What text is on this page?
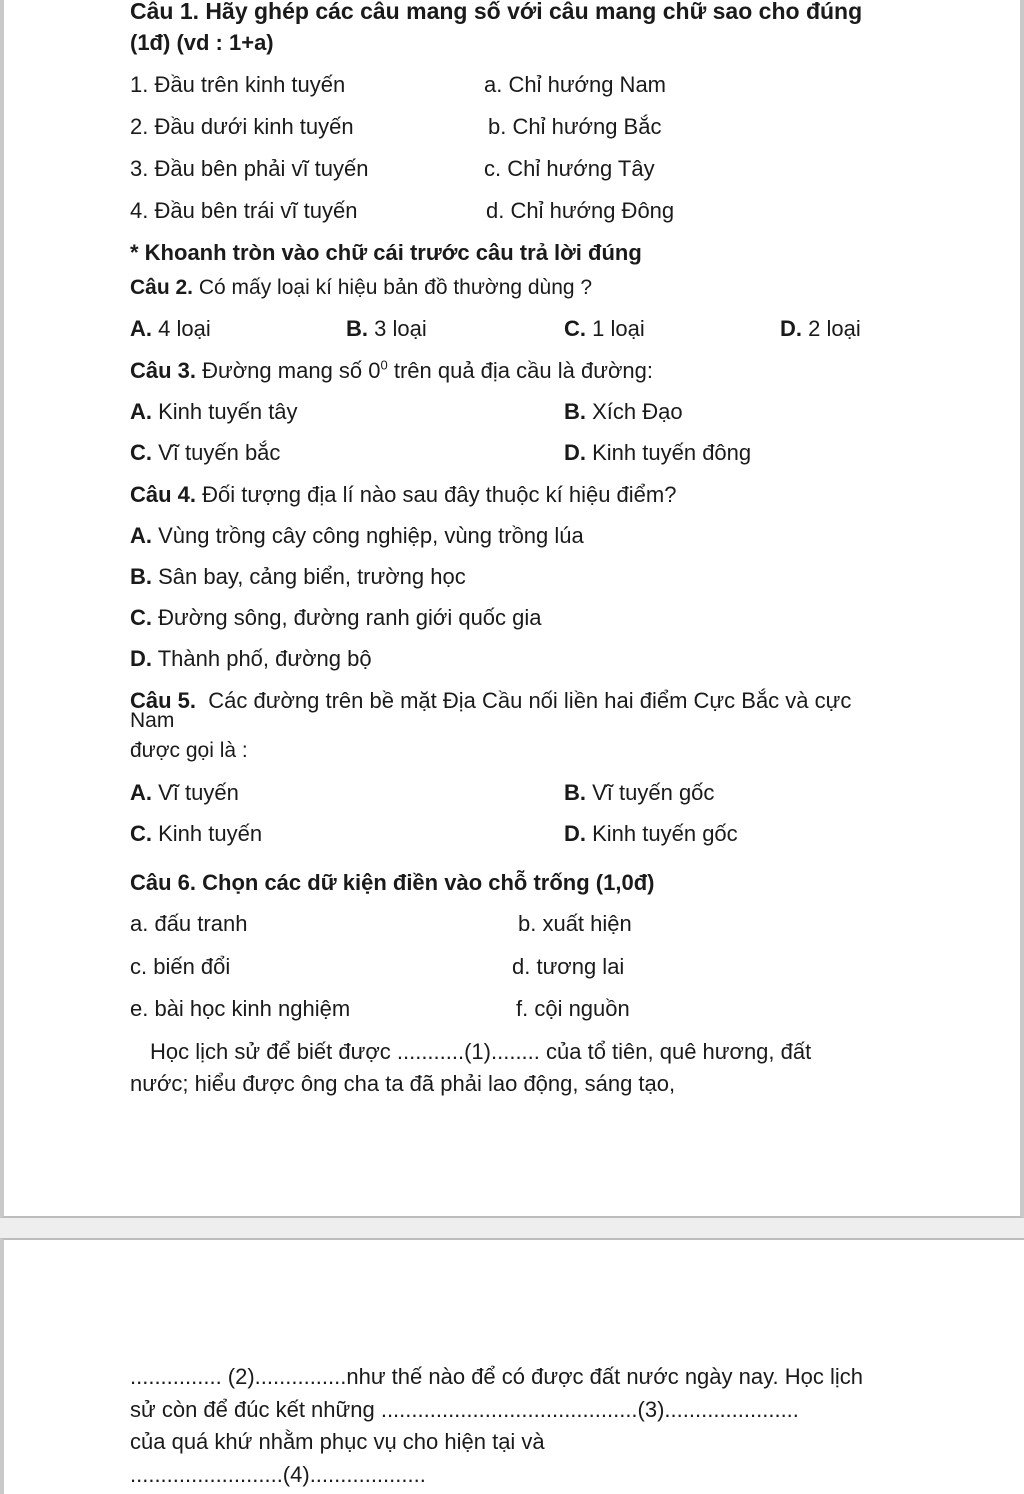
Câu 1. Hãy ghép các câu mang số với câu mang chữ sao cho đúng
(1đ) (vd : 1+a)
1. Đầu trên kinh tuyến	a. Chỉ hướng Nam
2. Đầu dưới kinh tuyến	b. Chỉ hướng Bắc
3. Đầu bên phải vĩ tuyến	c. Chỉ hướng Tây
4. Đầu bên trái vĩ tuyến	d. Chỉ hướng Đông
* Khoanh tròn vào chữ cái trước câu trả lời đúng
Câu 2. Có mấy loại kí hiệu bản đồ thường dùng ?
A. 4 loại	B. 3 loại	C. 1 loại	D. 2 loại
Câu 3. Đường mang số $0^0$ trên quả địa cầu là đường:
A. Kinh tuyến tây	B. Xích Đạo
C. Vĩ tuyến bắc	D. Kinh tuyến đông
Câu 4. Đối tượng địa lí nào sau đây thuộc kí hiệu điểm?
A. Vùng trồng cây công nghiệp, vùng trồng lúa
B. Sân bay, cảng biển, trường học
C. Đường sông, đường ranh giới quốc gia
D. Thành phố, đường bộ
Câu 5.  Các đường trên bề mặt Địa Cầu nối liền hai điểm Cực Bắc và cực
Nam
được gọi là :
A. Vĩ tuyến	B. Vĩ tuyến gốc
C. Kinh tuyến	D. Kinh tuyến gốc
Câu 6. Chọn các dữ kiện điền vào chỗ trống (1,0đ)
a. đấu tranh	b. xuất hiện
c. biến đổi	d. tương lai
e. bài học kinh nghiệm	f. cội nguồn
Học lịch sử để biết được ...........(1)........ của tổ tiên, quê hương, đất
nước; hiểu được ông cha ta đã phải lao động, sáng tạo,
............... (2)...............như thế nào để có được đất nước ngày nay. Học lịch
sử còn để đúc kết những ..........................................(3)......................
của quá khứ nhằm phục vụ cho hiện tại và
.........................(4)...................
